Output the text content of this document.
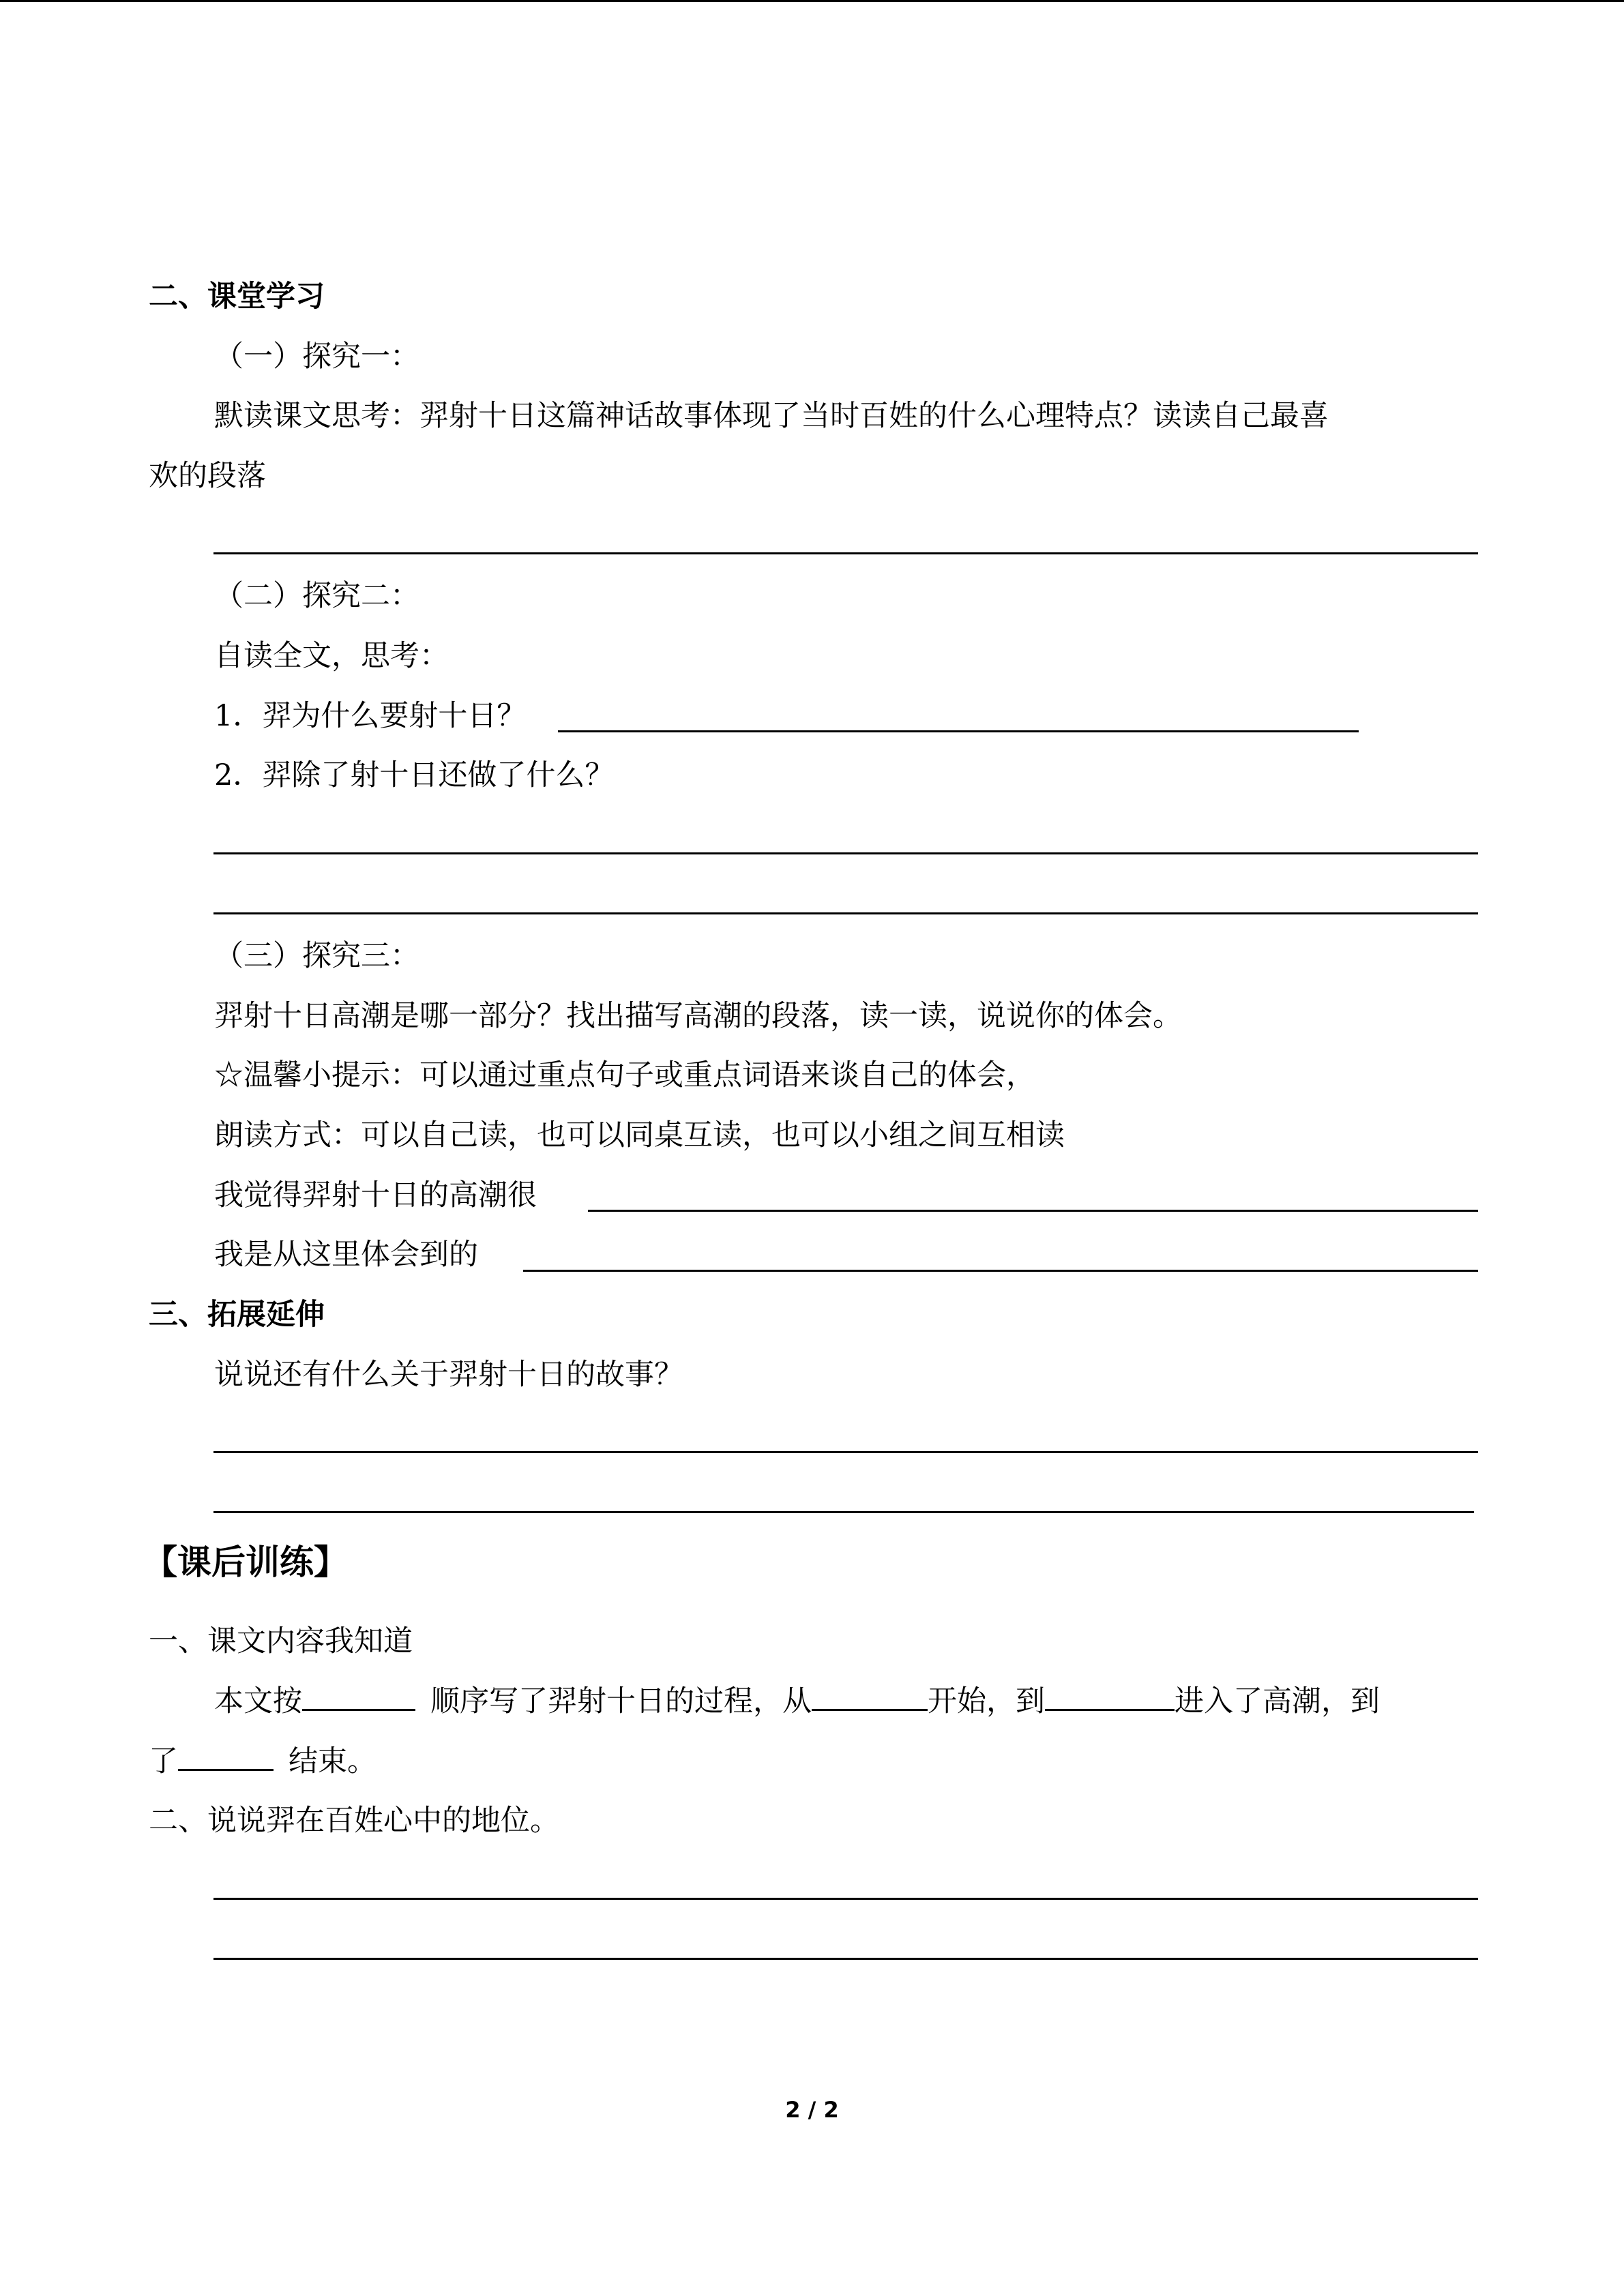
二、课堂学习
（一）探究一：
默读课文思考：羿射十日这篇神话故事体现了当时百姓的什么心理特点？读读自己最喜
欢的段落
（二）探究二：
自读全文，思考：
1．羿为什么要射十日？
2．羿除了射十日还做了什么？
（三）探究三：
羿射十日高潮是哪一部分？找出描写高潮的段落，读一读，说说你的体会。
☆温馨小提示：可以通过重点句子或重点词语来谈自己的体会，
朗读方式：可以自己读，也可以同桌互读，也可以小组之间互相读
我觉得羿射十日的高潮很
我是从这里体会到的
三、拓展延伸
说说还有什么关于羿射十日的故事？
【课后训练】
一、课文内容我知道
本文按	顺序写了羿射十日的过程，从	开始，到	进入了高潮，到
了	结束。
二、说说羿在百姓心中的地位。
2 / 2
